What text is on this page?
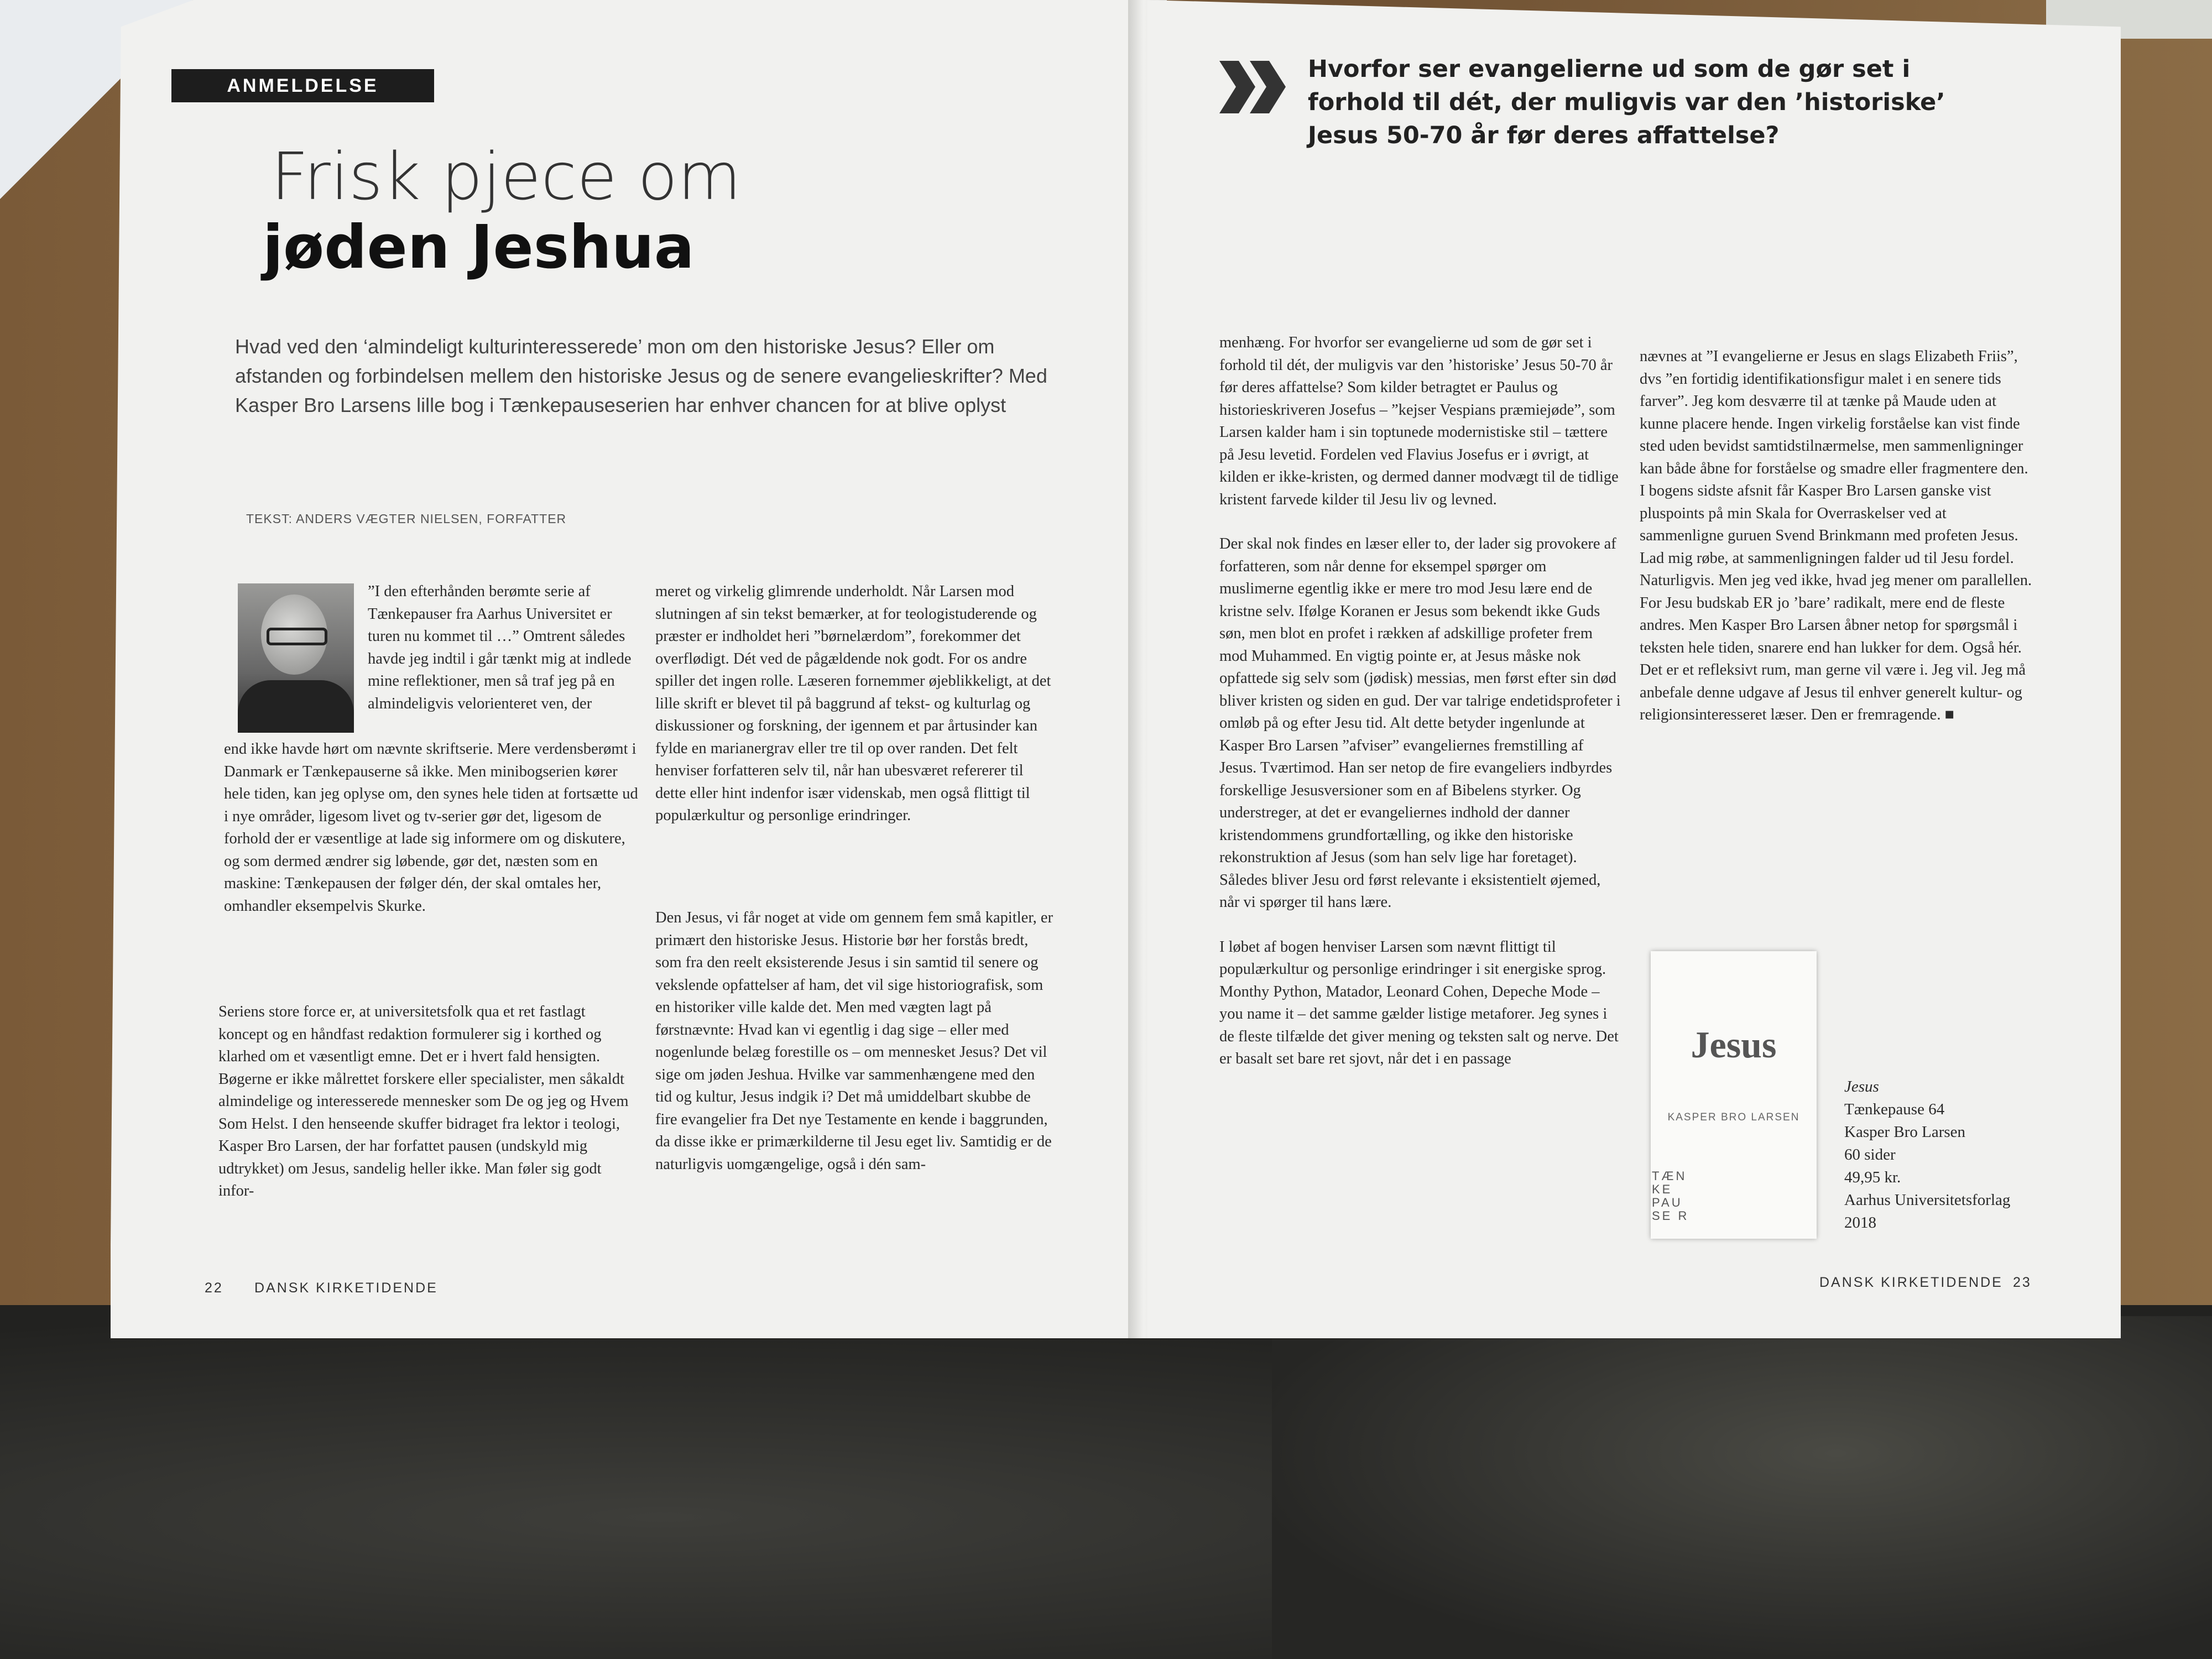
ANMELDELSE
Frisk pjece om
jøden Jeshua
Hvad ved den ‘almindeligt kulturinteresserede’ mon om den historiske Jesus? Eller om afstanden og forbindelsen mellem den historiske Jesus og de senere evangelieskrifter? Med Kasper Bro Larsens lille bog i Tænkepauseserien har enhver chancen for at blive oplyst
TEKST: ANDERS VÆGTER NIELSEN, FORFATTER

”I den efterhånden berømte serie af Tænkepauser fra Aarhus Universitet er turen nu kommet til …” Omtrent således havde jeg indtil i går tænkt mig at indlede mine reflektioner, men så traf jeg på en almindeligvis velorienteret ven, der

end ikke havde hørt om nævnte skriftserie. Mere verdensberømt i Danmark er Tænkepauserne så ikke. Men minibogserien kører hele tiden, kan jeg oplyse om, den synes hele tiden at fortsætte ud i nye områder, ligesom livet og tv-serier gør det, ligesom de forhold der er væsentlige at lade sig informere om og diskutere, og som dermed ændrer sig løbende, gør det, næsten som en maskine: Tænkepausen der følger dén, der skal omtales her, omhandler eksempelvis Skurke.

Seriens store force er, at universitetsfolk qua et ret fastlagt koncept og en håndfast redaktion formulerer sig i korthed og klarhed om et væsentligt emne. Det er i hvert fald hensigten. Bøgerne er ikke målrettet forskere eller specialister, men såkaldt almindelige og interesserede mennesker som De og jeg og Hvem Som Helst. I den henseende skuffer bidraget fra lektor i teologi, Kasper Bro Larsen, der har forfattet pausen (undskyld mig udtrykket) om Jesus, sandelig heller ikke. Man føler sig godt infor-

meret og virkelig glimrende underholdt. Når Larsen mod slutningen af sin tekst bemærker, at for teologistuderende og præster er indholdet heri ”børnelærdom”, forekommer det overflødigt. Dét ved de pågældende nok godt. For os andre spiller det ingen rolle. Læseren fornemmer øjeblikkeligt, at det lille skrift er blevet til på baggrund af tekst- og kulturlag og diskussioner og forskning, der igennem et par årtusinder kan fylde en marianergrav eller tre til op over randen. Det felt henviser forfatteren selv til, når han ubesværet refererer til dette eller hint indenfor især videnskab, men også flittigt til populærkultur og personlige erindringer.

Den Jesus, vi får noget at vide om gennem fem små kapitler, er primært den historiske Jesus. Historie bør her forstås bredt, som fra den reelt eksisterende Jesus i sin samtid til senere og vekslende opfattelser af ham, det vil sige historiografisk, som en historiker ville kalde det. Men med vægten lagt på førstnævnte: Hvad kan vi egentlig i dag sige – eller med nogenlunde belæg forestille os – om mennesket Jesus? Det vil sige om jøden Jeshua. Hvilke var sammenhængene med den tid og kultur, Jesus indgik i? Det må umiddelbart skubbe de fire evangelier fra Det nye Testamente en kende i baggrunden, da disse ikke er primærkilderne til Jesu eget liv. Samtidig er de naturligvis uomgængelige, også i dén sam-

22 DANSK KIRKETIDENDE
Hvorfor ser evangelierne ud som de gør set i forhold til dét, der muligvis var den ’historiske’ Jesus 50-70 år før deres affattelse?

menhæng. For hvorfor ser evangelierne ud som de gør set i forhold til dét, der muligvis var den ’historiske’ Jesus 50-70 år før deres affattelse? Som kilder betragtet er Paulus og historieskriveren Josefus – ”kejser Vespians præmiejøde”, som Larsen kalder ham i sin toptunede modernistiske stil – tættere på Jesu levetid. Fordelen ved Flavius Josefus er i øvrigt, at kilden er ikke-kristen, og dermed danner modvægt til de tidlige kristent farvede kilder til Jesu liv og levned.

Der skal nok findes en læser eller to, der lader sig provokere af forfatteren, som når denne for eksempel spørger om muslimerne egentlig ikke er mere tro mod Jesu lære end de kristne selv. Ifølge Koranen er Jesus som bekendt ikke Guds søn, men blot en profet i rækken af adskillige profeter frem mod Muhammed. En vigtig pointe er, at Jesus måske nok opfattede sig selv som (jødisk) messias, men først efter sin død bliver kristen og siden en gud. Der var talrige endetidsprofeter i omløb på og efter Jesu tid. Alt dette betyder ingenlunde at Kasper Bro Larsen ”afviser” evangeliernes fremstilling af Jesus. Tværtimod. Han ser netop de fire evangeliers indbyrdes forskellige Jesusversioner som en af Bibelens styrker. Og understreger, at det er evangeliernes indhold der danner kristendommens grundfortælling, og ikke den historiske rekonstruktion af Jesus (som han selv lige har foretaget). Således bliver Jesu ord først relevante i eksistentielt øjemed, når vi spørger til hans lære.

I løbet af bogen henviser Larsen som nævnt flittigt til populærkultur og personlige erindringer i sit energiske sprog. Monthy Python, Matador, Leonard Cohen, Depeche Mode – you name it – det samme gælder listige metaforer. Jeg synes i de fleste tilfælde det giver mening og teksten salt og nerve. Det er basalt set bare ret sjovt, når det i en passage

nævnes at ”I evangelierne er Jesus en slags Elizabeth Friis”, dvs ”en fortidig identifikationsfigur malet i en senere tids farver”. Jeg kom desværre til at tænke på Maude uden at kunne placere hende. Ingen virkelig forståelse kan vist finde sted uden bevidst samtidstilnærmelse, men sammenligninger kan både åbne for forståelse og smadre eller fragmentere den. I bogens sidste afsnit får Kasper Bro Larsen ganske vist pluspoints på min Skala for Overraskelser ved at sammenligne guruen Svend Brinkmann med profeten Jesus. Lad mig røbe, at sammenligningen falder ud til Jesu fordel. Naturligvis. Men jeg ved ikke, hvad jeg mener om parallellen. For Jesu budskab ER jo ’bare’ radikalt, mere end de fleste andres. Men Kasper Bro Larsen åbner netop for spørgsmål i teksten hele tiden, snarere end han lukker for dem. Også hér. Det er et refleksivt rum, man gerne vil være i. Jeg vil. Jeg må anbefale denne udgave af Jesus til enhver generelt kultur- og religionsinteresseret læser. Den er fremragende. ■

Jesus
KASPER BRO LARSEN
TÆN KE PAU SE R
Jesus
Tænkepause 64
Kasper Bro Larsen
60 sider
49,95 kr.
Aarhus Universitetsforlag
2018
DANSK KIRKETIDENDE 23
